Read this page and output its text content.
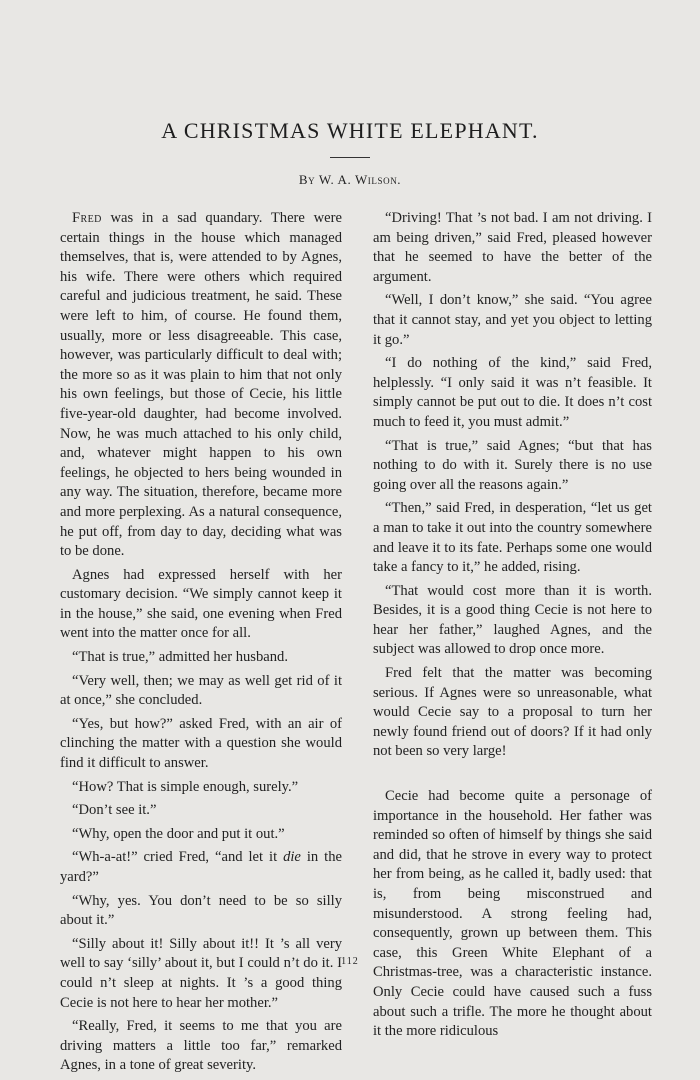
A CHRISTMAS WHITE ELEPHANT.
By W. A. Wilson.

Fred was in a sad quandary. There were certain things in the house which managed themselves, that is, were attended to by Agnes, his wife. There were others which required careful and judicious treatment, he said. These were left to him, of course. He found them, usually, more or less disagreeable. This case, however, was particularly difficult to deal with; the more so as it was plain to him that not only his own feelings, but those of Cecie, his little five-year-old daughter, had become involved. Now, he was much attached to his only child, and, whatever might happen to his own feelings, he objected to hers being wounded in any way. The situation, therefore, became more and more perplexing. As a natural consequence, he put off, from day to day, deciding what was to be done.

Agnes had expressed herself with her customary decision. “We simply cannot keep it in the house,” she said, one evening when Fred went into the matter once for all.

“That is true,” admitted her husband.

“Very well, then; we may as well get rid of it at once,” she concluded.

“Yes, but how?” asked Fred, with an air of clinching the matter with a question she would find it difficult to answer.

“How? That is simple enough, surely.”

“Don’t see it.”

“Why, open the door and put it out.”

“Wh-a-at!” cried Fred, “and let it die in the yard?”

“Why, yes. You don’t need to be so silly about it.”

“Silly about it! Silly about it!! It ’s all very well to say ‘silly’ about it, but I could n’t do it. I could n’t sleep at nights. It ’s a good thing Cecie is not here to hear her mother.”

“Really, Fred, it seems to me that you are driving matters a little too far,” remarked Agnes, in a tone of great severity.

“Driving! That ’s not bad. I am not driving. I am being driven,” said Fred, pleased however that he seemed to have the better of the argument.

“Well, I don’t know,” she said. “You agree that it cannot stay, and yet you object to letting it go.”

“I do nothing of the kind,” said Fred, helplessly. “I only said it was n’t feasible. It simply cannot be put out to die. It does n’t cost much to feed it, you must admit.”

“That is true,” said Agnes; “but that has nothing to do with it. Surely there is no use going over all the reasons again.”

“Then,” said Fred, in desperation, “let us get a man to take it out into the country somewhere and leave it to its fate. Perhaps some one would take a fancy to it,” he added, rising.

“That would cost more than it is worth. Besides, it is a good thing Cecie is not here to hear her father,” laughed Agnes, and the subject was allowed to drop once more.

Fred felt that the matter was becoming serious. If Agnes were so unreasonable, what would Cecie say to a proposal to turn her newly found friend out of doors? If it had only not been so very large!

Cecie had become quite a personage of importance in the household. Her father was reminded so often of himself by things she said and did, that he strove in every way to protect her from being, as he called it, badly used: that is, from being misconstrued and misunderstood. A strong feeling had, consequently, grown up between them. This case, this Green White Elephant of a Christmas-tree, was a characteristic instance. Only Cecie could have caused such a fuss about such a trifle. The more he thought about it the more ridiculous

112
